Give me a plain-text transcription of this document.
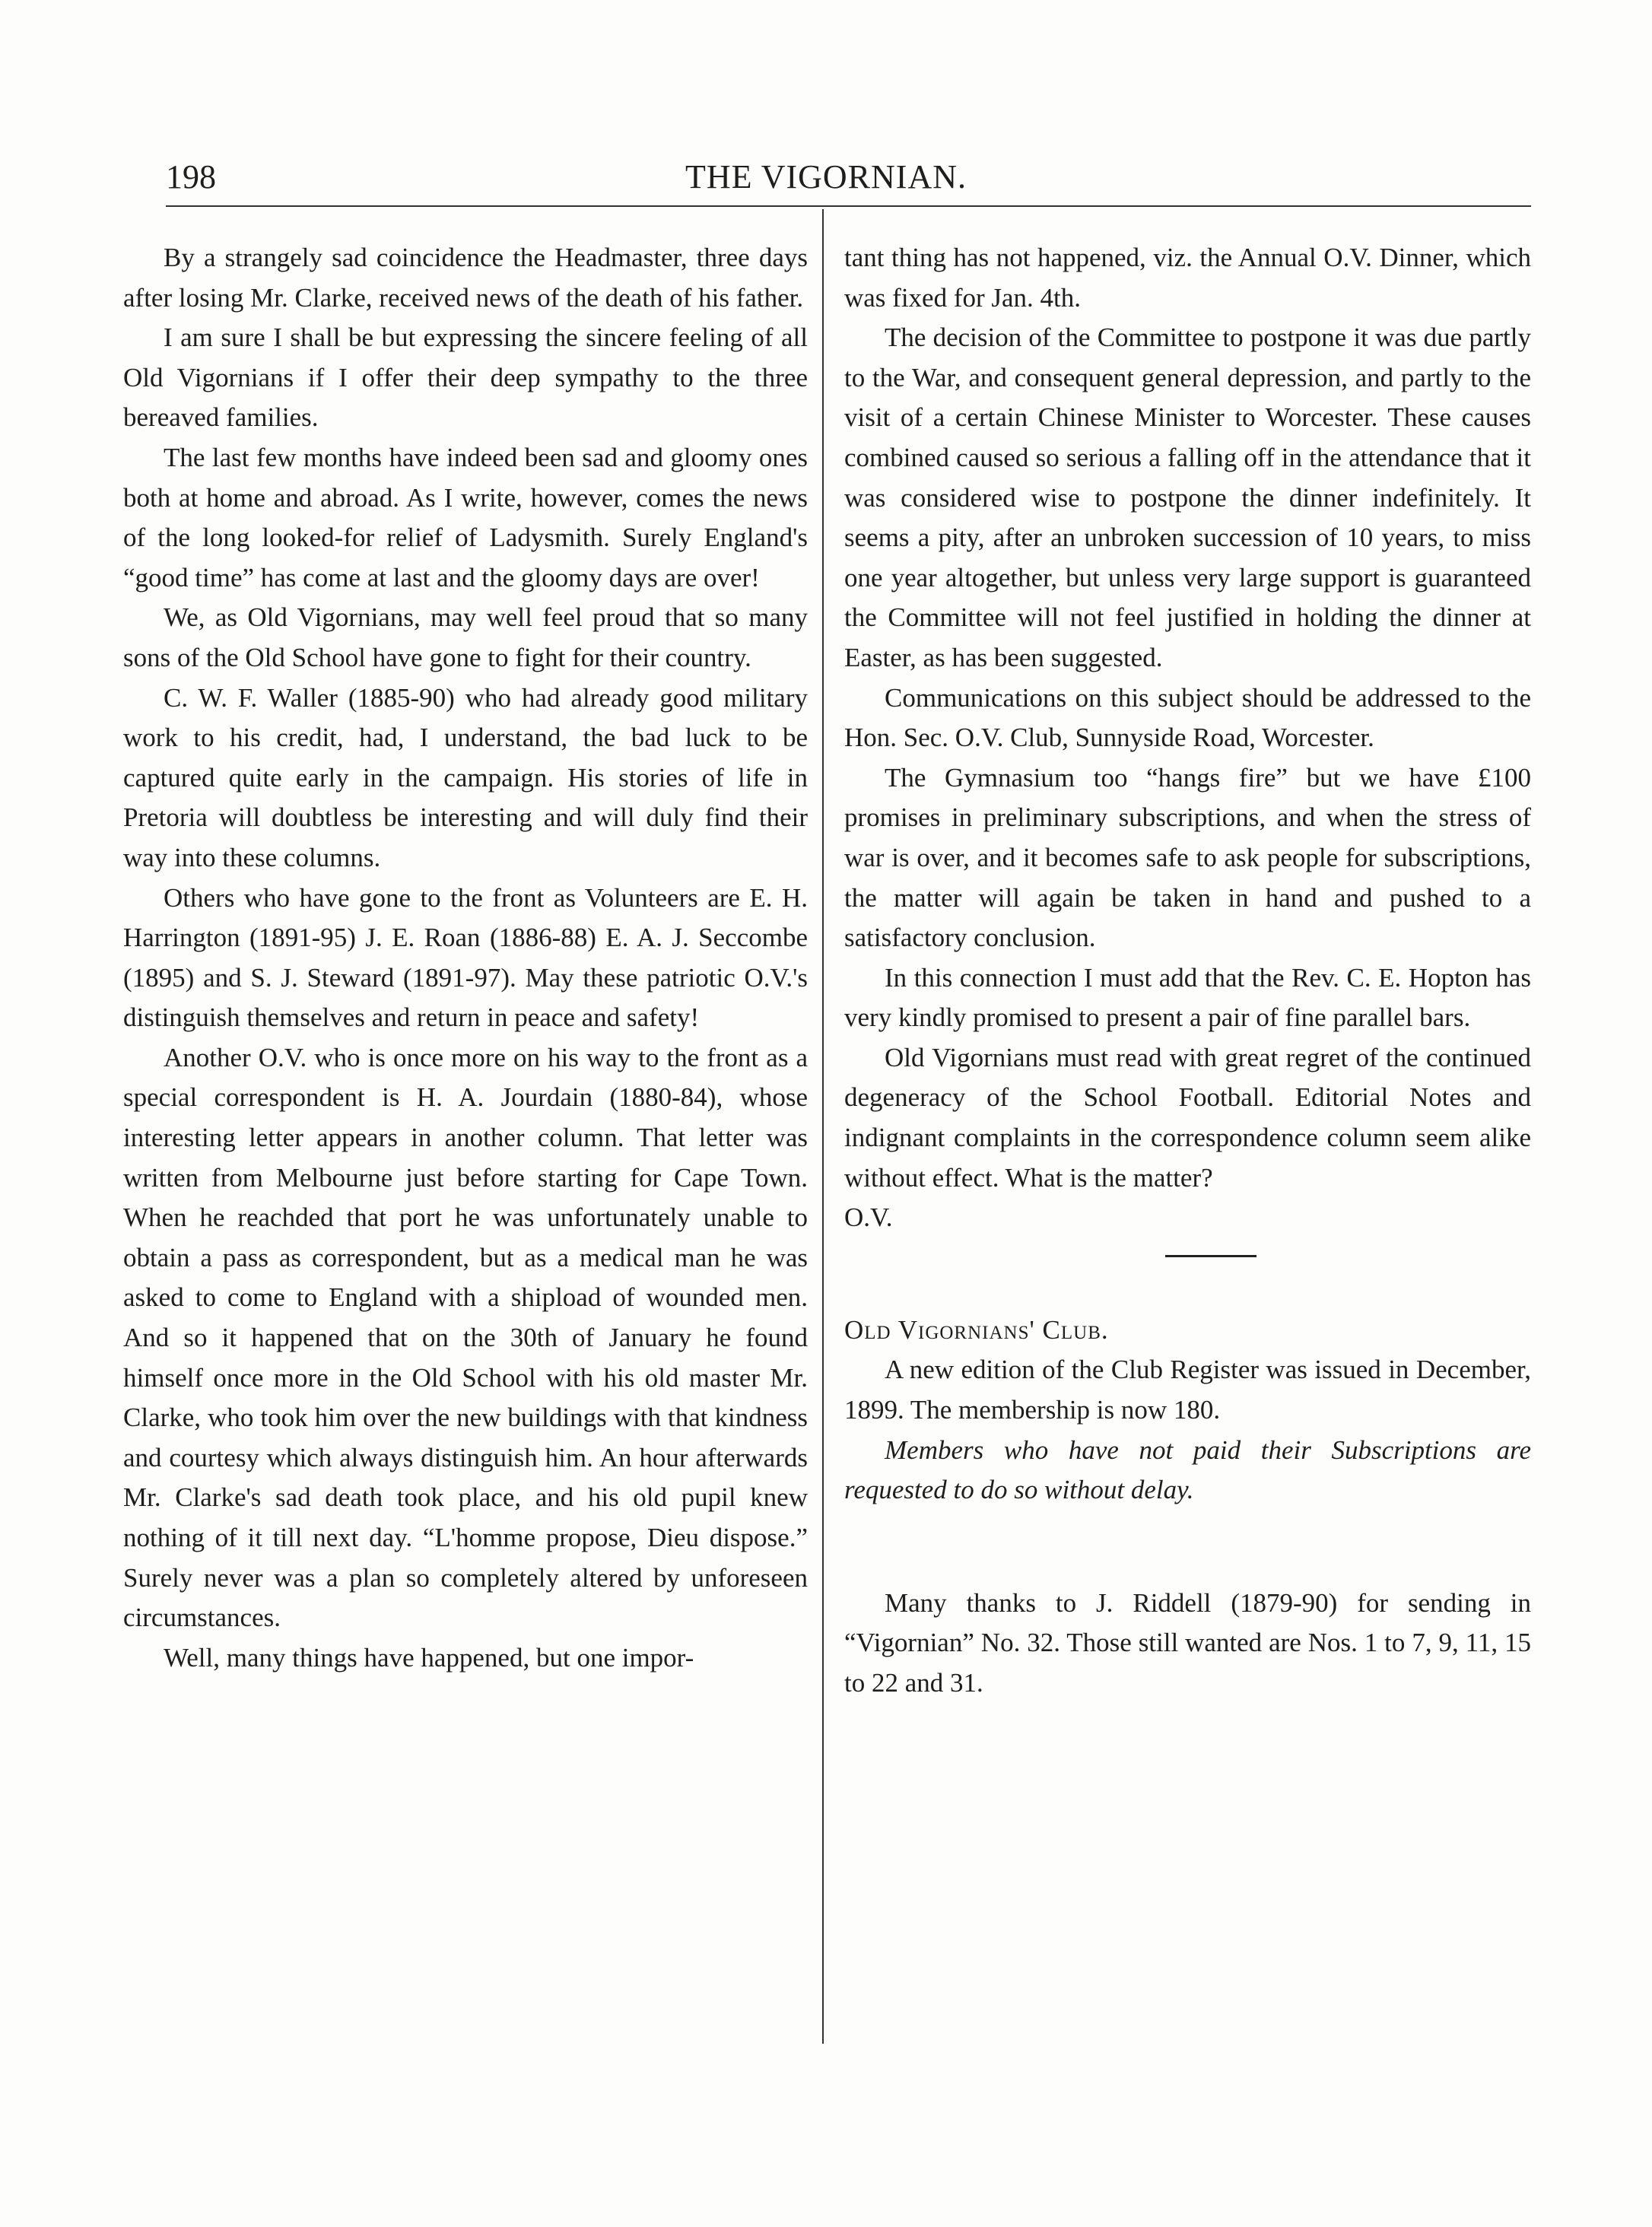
198	THE VIGORNIAN.

By a strangely sad coincidence the Headmaster, three days after losing Mr. Clarke, received news of the death of his father.

I am sure I shall be but expressing the sincere feeling of all Old Vigornians if I offer their deep sympathy to the three bereaved families.

The last few months have indeed been sad and gloomy ones both at home and abroad. As I write, however, comes the news of the long looked-for relief of Ladysmith. Surely England's “good time” has come at last and the gloomy days are over!

We, as Old Vigornians, may well feel proud that so many sons of the Old School have gone to fight for their country.

C. W. F. Waller (1885-90) who had already good military work to his credit, had, I understand, the bad luck to be captured quite early in the campaign. His stories of life in Pretoria will doubtless be interesting and will duly find their way into these columns.

Others who have gone to the front as Volunteers are E. H. Harrington (1891-95) J. E. Roan (1886-88) E. A. J. Seccombe (1895) and S. J. Steward (1891-97). May these patriotic O.V.'s distinguish themselves and return in peace and safety!

Another O.V. who is once more on his way to the front as a special correspondent is H. A. Jourdain (1880-84), whose interesting letter appears in another column. That letter was written from Melbourne just before starting for Cape Town. When he reachded that port he was unfortunately unable to obtain a pass as correspondent, but as a medical man he was asked to come to England with a shipload of wounded men. And so it happened that on the 30th of January he found himself once more in the Old School with his old master Mr. Clarke, who took him over the new buildings with that kindness and courtesy which always distinguish him. An hour afterwards Mr. Clarke's sad death took place, and his old pupil knew nothing of it till next day. “L'homme propose, Dieu dispose.” Surely never was a plan so completely altered by unforeseen circumstances.

Well, many things have happened, but one impor-

tant thing has not happened, viz. the Annual O.V. Dinner, which was fixed for Jan. 4th.

The decision of the Committee to postpone it was due partly to the War, and consequent general depression, and partly to the visit of a certain Chinese Minister to Worcester. These causes combined caused so serious a falling off in the attendance that it was considered wise to postpone the dinner indefinitely. It seems a pity, after an unbroken succession of 10 years, to miss one year altogether, but unless very large support is guaranteed the Committee will not feel justified in holding the dinner at Easter, as has been suggested.

Communications on this subject should be addressed to the Hon. Sec. O.V. Club, Sunnyside Road, Worcester.

The Gymnasium too “hangs fire” but we have £100 promises in preliminary subscriptions, and when the stress of war is over, and it becomes safe to ask people for subscriptions, the matter will again be taken in hand and pushed to a satisfactory conclusion.

In this connection I must add that the Rev. C. E. Hopton has very kindly promised to present a pair of fine parallel bars.

Old Vigornians must read with great regret of the continued degeneracy of the School Football. Editorial Notes and indignant complaints in the correspondence column seem alike without effect. What is the matter?

O.V.

Old Vigornians' Club.

A new edition of the Club Register was issued in December, 1899. The membership is now 180.

Members who have not paid their Subscriptions are requested to do so without delay.

Many thanks to J. Riddell (1879-90) for sending in “Vigornian” No. 32. Those still wanted are Nos. 1 to 7, 9, 11, 15 to 22 and 31.
